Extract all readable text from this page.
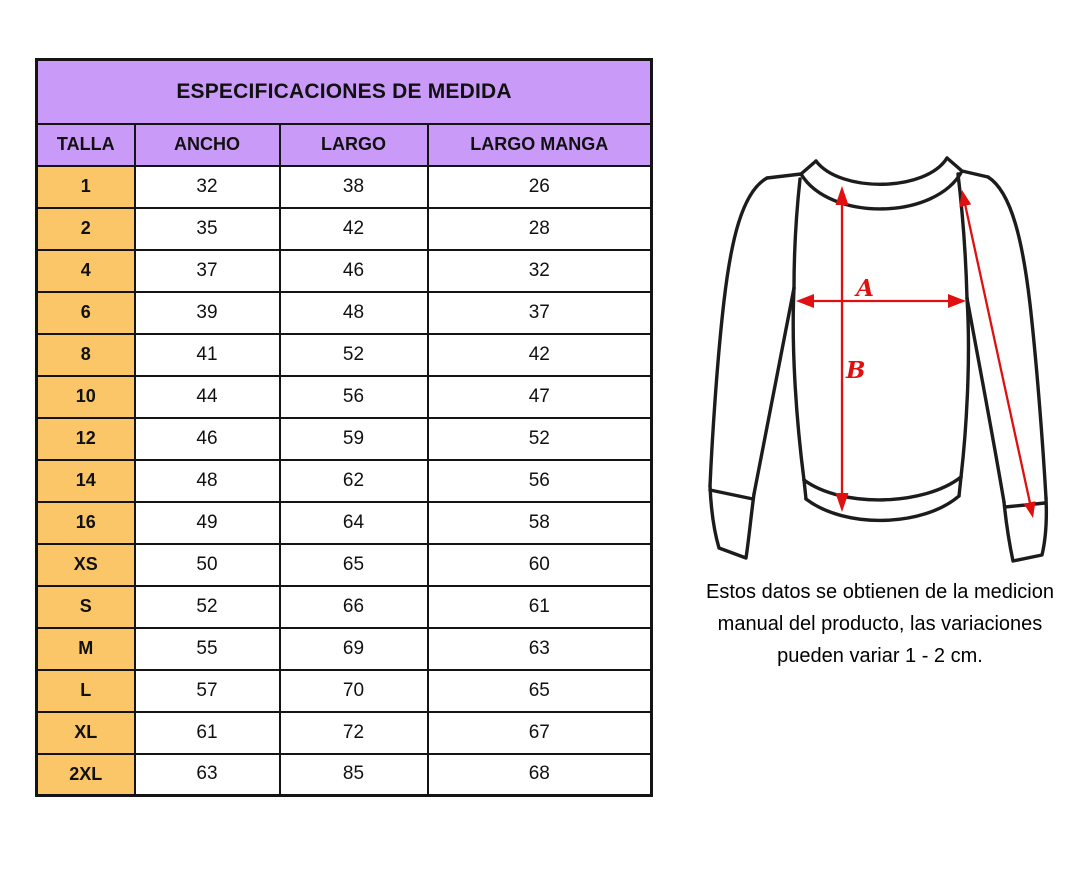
ESPECIFICACIONES DE MEDIDA			
TALLA	ANCHO	LARGO	LARGO MANGA
1	32	38	26
2	35	42	28
4	37	46	32
6	39	48	37
8	41	52	42
10	44	56	47
12	46	59	52
14	48	62	56
16	49	64	58
XS	50	65	60
S	52	66	61
M	55	69	63
L	57	70	65
XL	61	72	67
2XL	63	85	68
A
B
Estos datos se obtienen de la medicion
manual del producto, las variaciones
pueden variar 1 - 2 cm.
